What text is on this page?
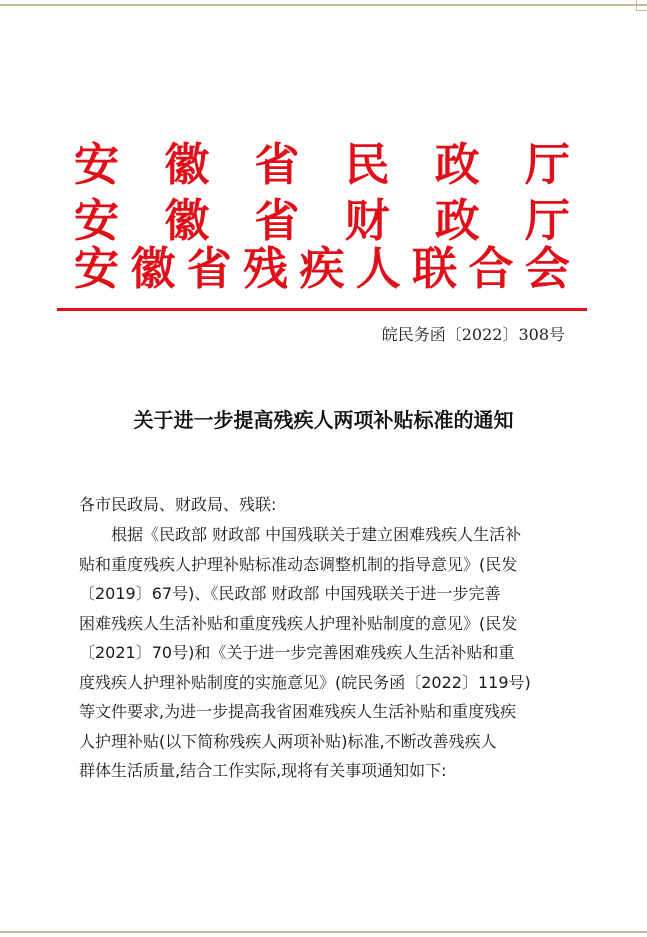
安 徽 省 民 政 厅
安 徽 省 财 政 厅
安 徽 省 残 疾 人 联 合 会
皖民务函〔2022〕308号
关于进一步提高残疾人两项补贴标准的通知
各市民政局、财政局、残联:
　　根据《民政部 财政部 中国残联关于建立困难残疾人生活补
贴和重度残疾人护理补贴标准动态调整机制的指导意见》(民发
〔2019〕67号)、《民政部 财政部 中国残联关于进一步完善
困难残疾人生活补贴和重度残疾人护理补贴制度的意见》(民发
〔2021〕70号)和《关于进一步完善困难残疾人生活补贴和重
度残疾人护理补贴制度的实施意见》(皖民务函〔2022〕119号)
等文件要求,为进一步提高我省困难残疾人生活补贴和重度残疾
人护理补贴(以下简称残疾人两项补贴)标准,不断改善残疾人
群体生活质量,结合工作实际,现将有关事项通知如下:
